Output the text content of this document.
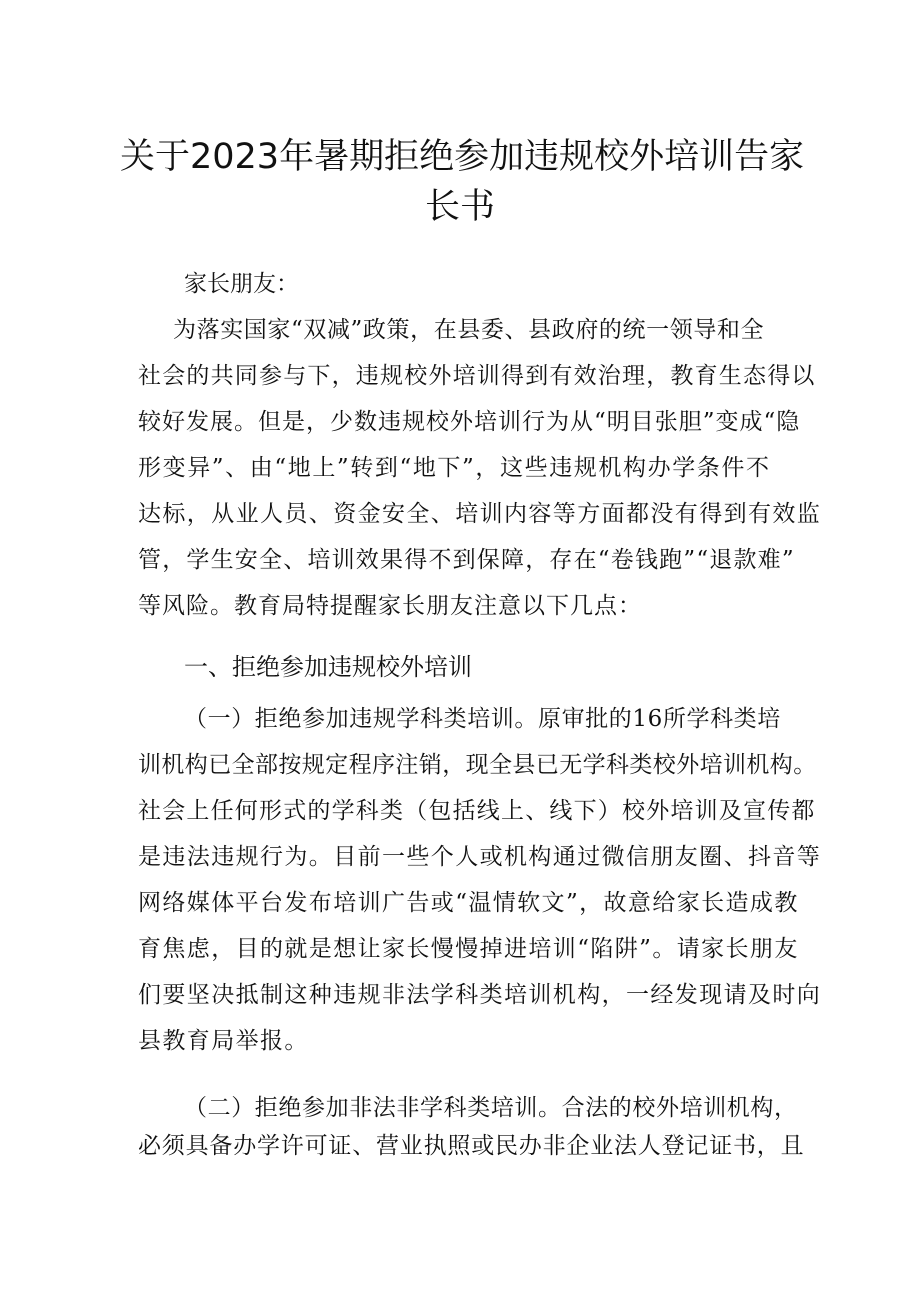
关于2023年暑期拒绝参加违规校外培训告家
长书
家长朋友：
为落实国家“双减”政策，在县委、县政府的统一领导和全
社会的共同参与下，违规校外培训得到有效治理，教育生态得以
较好发展。但是，少数违规校外培训行为从“明目张胆”变成“隐
形变异”、由“地上”转到“地下”，这些违规机构办学条件不
达标，从业人员、资金安全、培训内容等方面都没有得到有效监
管，学生安全、培训效果得不到保障，存在“卷钱跑”“退款难”
等风险。教育局特提醒家长朋友注意以下几点：
（一）拒绝参加违规学科类培训。原审批的16所学科类培
训机构已全部按规定程序注销，现全县已无学科类校外培训机构。
社会上任何形式的学科类（包括线上、线下）校外培训及宣传都
是违法违规行为。目前一些个人或机构通过微信朋友圈、抖音等
网络媒体平台发布培训广告或“温情软文”，故意给家长造成教
育焦虑，目的就是想让家长慢慢掉进培训“陷阱”。请家长朋友
们要坚决抵制这种违规非法学科类培训机构，一经发现请及时向
县教育局举报。
（二）拒绝参加非法非学科类培训。合法的校外培训机构，
必须具备办学许可证、营业执照或民办非企业法人登记证书，且
一、拒绝参加违规校外培训
